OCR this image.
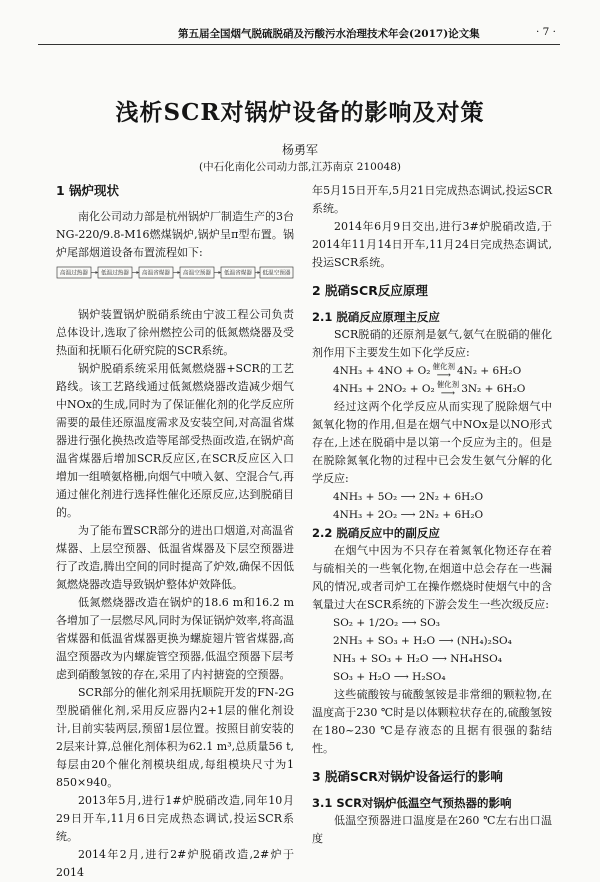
第五届全国烟气脱硫脱硝及污酸污水治理技术年会(2017)论文集	· 7 ·
浅析SCR对锅炉设备的影响及对策
杨勇军
(中石化南化公司动力部,江苏南京 210048)
1 锅炉现状

南化公司动力部是杭州锅炉厂制造生产的3台NG-220/9.8-M16燃煤锅炉,锅炉呈π型布置。锅炉尾部烟道设备布置流程如下:

高温过热器 低温过热器 高温省煤器 高温空预器 低温省煤器 低温空预器

锅炉装置锅炉脱硝系统由宁波工程公司负责总体设计,选取了徐州燃控公司的低氮燃烧器及受热面和抚顺石化研究院的SCR系统。

锅炉脱硝系统采用低氮燃烧器+SCR的工艺路线。该工艺路线通过低氮燃烧器改造减少烟气中NOx的生成,同时为了保证催化剂的化学反应所需要的最佳还原温度需求及安装空间,对高温省煤器进行强化换热改造等尾部受热面改造,在锅炉高温省煤器后增加SCR反应区,在SCR反应区入口增加一组喷氨格栅,向烟气中喷入氨、空混合气,再通过催化剂进行选择性催化还原反应,达到脱硝目的。

为了能布置SCR部分的进出口烟道,对高温省煤器、上层空预器、低温省煤器及下层空预器进行了改造,腾出空间的同时提高了炉效,确保不因低氮燃烧器改造导致锅炉整体炉效降低。

低氮燃烧器改造在锅炉的18.6 m和16.2 m各增加了一层燃尽风,同时为保证锅炉效率,将高温省煤器和低温省煤器更换为螺旋翅片管省煤器,高温空预器改为内螺旋管空预器,低温空预器下层考虑到硝酸氢铵的存在,采用了内衬搪瓷的空预器。

SCR部分的催化剂采用抚顺院开发的FN-2G型脱硝催化剂,采用反应器内2+1层的催化剂设计,目前实装两层,预留1层位置。按照目前安装的2层来计算,总催化剂体积为62.1 m³,总质量56 t,每层由20个催化剂模块组成,每组模块尺寸为1 850×940。

2013年5月,进行1#炉脱硝改造,同年10月29日开车,11月6日完成热态调试,投运SCR系统。

2014年2月,进行2#炉脱硝改造,2#炉于2014

年5月15日开车,5月21日完成热态调试,投运SCR系统。

2014年6月9日交出,进行3#炉脱硝改造,于2014年11月14日开车,11月24日完成热态调试,投运SCR系统。

2 脱硝SCR反应原理
2.1 脱硝反应原理主反应

SCR脱硝的还原剂是氨气,氨气在脱硝的催化剂作用下主要发生如下化学反应:

4NH₃ + 4NO + O₂ 催化剂
⟶ 4N₂ + 6H₂O
4NH₃ + 2NO₂ + O₂ 催化剂
⟶ 3N₂ + 6H₂O

经过这两个化学反应从而实现了脱除烟气中氮氧化物的作用,但是在烟气中NOx是以NO形式存在,上述在脱硝中是以第一个反应为主的。但是在脱除氮氧化物的过程中已会发生氨气分解的化学反应:

4NH₃ + 5O₂ ⟶ 2N₂ + 6H₂O
4NH₃ + 2O₂ ⟶ 2N₂ + 6H₂O
2.2 脱硝反应中的副反应

在烟气中因为不只存在着氮氧化物还存在着与硫相关的一些氧化物,在烟道中总会存在一些漏风的情况,或者司炉工在操作燃烧时使烟气中的含氧量过大在SCR系统的下游会发生一些次级反应:

SO₂ + 1/2O₂ ⟶ SO₃
2NH₃ + SO₃ + H₂O ⟶ (NH₄)₂SO₄
NH₃ + SO₃ + H₂O ⟶ NH₄HSO₄
SO₃ + H₂O ⟶ H₂SO₄

这些硫酸铵与硫酸氢铵是非常细的颗粒物,在温度高于230 ℃时是以体颗粒状存在的,硫酸氢铵在180~230 ℃是存液态的且据有很强的黏结性。

3 脱硝SCR对锅炉设备运行的影响
3.1 SCR对锅炉低温空气预热器的影响

低温空预器进口温度是在260 ℃左右出口温度
